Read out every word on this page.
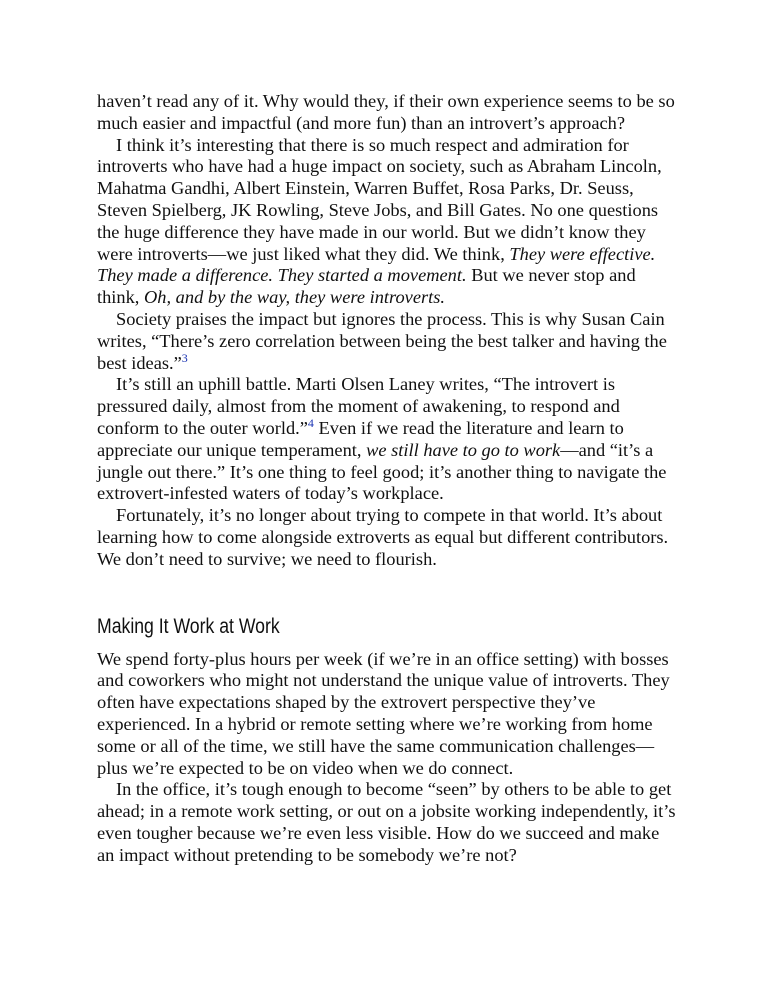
haven’t read any of it. Why would they, if their own experience seems to be so much easier and impactful (and more fun) than an introvert’s approach?

I think it’s interesting that there is so much respect and admiration for introverts who have had a huge impact on society, such as Abraham Lincoln, Mahatma Gandhi, Albert Einstein, Warren Buffet, Rosa Parks, Dr. Seuss, Steven Spielberg, JK Rowling, Steve Jobs, and Bill Gates. No one questions the huge difference they have made in our world. But we didn’t know they were introverts—we just liked what they did. We think, They were effective. They made a difference. They started a movement. But we never stop and think, Oh, and by the way, they were introverts.

Society praises the impact but ignores the process. This is why Susan Cain writes, “There’s zero correlation between being the best talker and having the best ideas.”$^3$

It’s still an uphill battle. Marti Olsen Laney writes, “The introvert is pressured daily, almost from the moment of awakening, to respond and conform to the outer world.”$^4$ Even if we read the literature and learn to appreciate our unique temperament, we still have to go to work—and “it’s a jungle out there.” It’s one thing to feel good; it’s another thing to navigate the extrovert-infested waters of today’s workplace.

Fortunately, it’s no longer about trying to compete in that world. It’s about learning how to come alongside extroverts as equal but different contributors. We don’t need to survive; we need to flourish.

Making It Work at Work

We spend forty-plus hours per week (if we’re in an office setting) with bosses and coworkers who might not understand the unique value of introverts. They often have expectations shaped by the extrovert perspective they’ve experienced. In a hybrid or remote setting where we’re working from home some or all of the time, we still have the same communication challenges—plus we’re expected to be on video when we do connect.

In the office, it’s tough enough to become “seen” by others to be able to get ahead; in a remote work setting, or out on a jobsite working independently, it’s even tougher because we’re even less visible. How do we succeed and make an impact without pretending to be somebody we’re not?
